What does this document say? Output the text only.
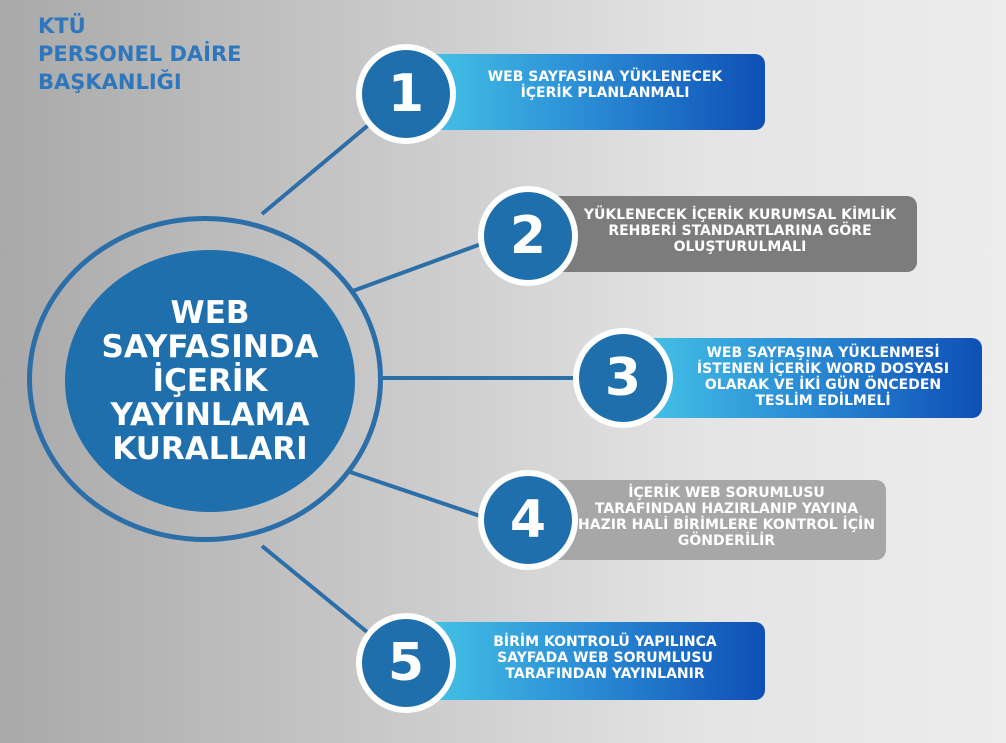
KTÜ
PERSONEL DAİRE
BAŞKANLIĞI
WEB
SAYFASINDA
İÇERİK
YAYINLAMA
KURALLARI
WEB SAYFASINA YÜKLENECEK
İÇERİK PLANLANMALI
1
YÜKLENECEK İÇERİK KURUMSAL KİMLİK
REHBERİ STANDARTLARINA GÖRE
OLUŞTURULMALI
2
WEB SAYFAŞINA YÜKLENMESİ
İSTENEN İÇERİK WORD DOSYASI
OLARAK VE İKİ GÜN ÖNCEDEN
TESLİM EDİLMELİ
3
İÇERİK WEB SORUMLUSU
TARAFINDAN HAZIRLANIP YAYINA
HAZIR HALİ BİRİMLERE KONTROL İÇİN
GÖNDERİLİR
4
BİRİM KONTROLÜ YAPILINCA
SAYFADA WEB SORUMLUSU
TARAFINDAN YAYINLANIR
5
